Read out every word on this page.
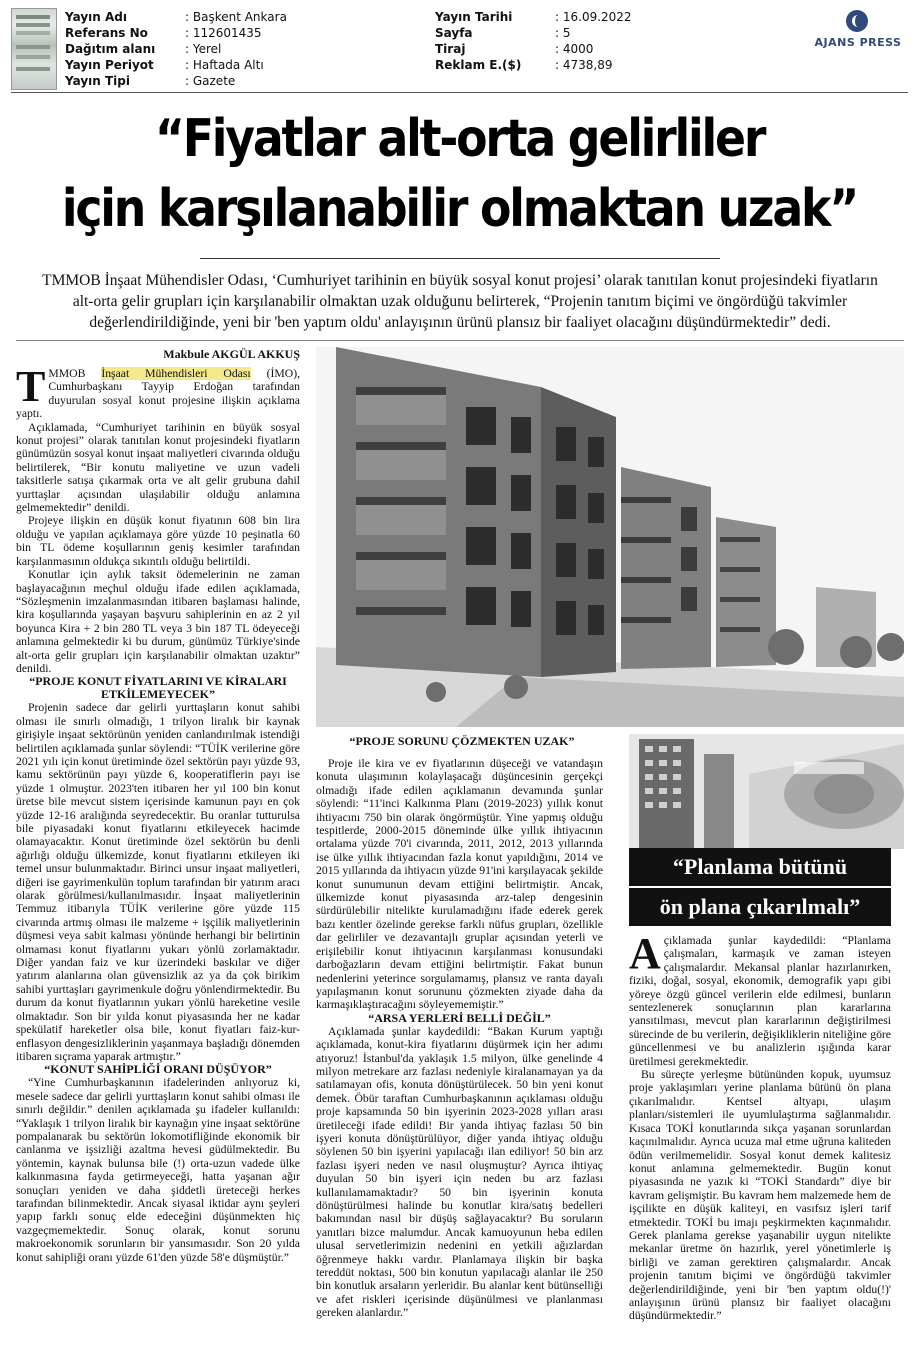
Yayın Adı	: Başkent Ankara
Referans No	: 112601435
Dağıtım alanı : Yerel
Yayın Periyot	: Haftada Altı
Yayın Tipi	: Gazete
Yayın Tarihi	: 16.09.2022
Sayfa	: 5
Tiraj	: 4000
Reklam E.($)	: 4738,89
AJANS PRESS
“Fiyatlar alt-orta gelirliler
için karşılanabilir olmaktan uzak”
TMMOB İnşaat Mühendisler Odası, ‘Cumhuriyet tarihinin en büyük sosyal konut projesi’ olarak tanıtılan konut projesindeki fiyatların alt-orta gelir grupları için karşılanabilir olmaktan uzak olduğunu belirterek, “Projenin tanıtım biçimi ve öngördüğü takvimler değerlendirildiğinde, yeni bir 'ben yaptım oldu' anlayışının ürünü plansız bir faaliyet olacağını düşündürmektedir” dedi.
Makbule AKGÜL AKKUŞ

TMMOB İnşaat Mühendisleri Odası (İMO), Cumhurbaşkanı Tayyip Erdoğan tarafından duyurulan sosyal konut projesine ilişkin açıklama yaptı.

Açıklamada, “Cumhuriyet tarihinin en büyük sosyal konut projesi” olarak tanıtılan konut projesindeki fiyatların günümüzün sosyal konut inşaat maliyetleri civarında olduğu belirtilerek, “Bir konutu maliyetine ve uzun vadeli taksitlerle satışa çıkarmak orta ve alt gelir grubuna dahil yurttaşlar açısından ulaşılabilir olduğu anlamına gelmemektedir” denildi.

Projeye ilişkin en düşük konut fiyatının 608 bin lira olduğu ve yapılan açıklamaya göre yüzde 10 peşinatla 60 bin TL ödeme koşullarının geniş kesimler tarafından karşılanmasının oldukça sıkıntılı olduğu belirtildi.

Konutlar için aylık taksit ödemelerinin ne zaman başlayacağının meçhul olduğu ifade edilen açıklamada, “Sözleşmenin imzalanmasından itibaren başlaması halinde, kira koşullarında yaşayan başvuru sahiplerinin en az 2 yıl boyunca Kira + 2 bin 280 TL veya 3 bin 187 TL ödeyeceği anlamına gelmektedir ki bu durum, günümüz Türkiye'sinde alt-orta gelir grupları için karşılanabilir olmaktan uzaktır” denildi.

“PROJE KONUT FİYATLARINI VE KİRALARI ETKİLEMEYECEK”

Projenin sadece dar gelirli yurttaşların konut sahibi olması ile sınırlı olmadığı, 1 trilyon liralık bir kaynak girişiyle inşaat sektörünün yeniden canlandırılmak istendiği belirtilen açıklamada şunlar söylendi: “TÜİK verilerine göre 2021 yılı için konut üretiminde özel sektörün payı yüzde 93, kamu sektörünün payı yüzde 6, kooperatiflerin payı ise yüzde 1 olmuştur. 2023'ten itibaren her yıl 100 bin konut üretse bile mevcut sistem içerisinde kamunun payı en çok yüzde 12-16 aralığında seyredecektir. Bu oranlar tutturulsa bile piyasadaki konut fiyatlarını etkileyecek hacimde olamayacaktır. Konut üretiminde özel sektörün bu denli ağırlığı olduğu ülkemizde, konut fiyatlarını etkileyen iki temel unsur bulunmaktadır. Birinci unsur inşaat maliyetleri, diğeri ise gayrimenkulün toplum tarafından bir yatırım aracı olarak görülmesi/kullanılmasıdır. İnşaat maliyetlerinin Temmuz itibarıyla TÜİK verilerine göre yüzde 115 civarında artmış olması ile malzeme + işçilik maliyetlerinin düşmesi veya sabit kalması yönünde herhangi bir belirtinin olmaması konut fiyatlarını yukarı yönlü zorlamaktadır. Diğer yandan faiz ve kur üzerindeki baskılar ve diğer yatırım alanlarına olan güvensizlik az ya da çok birikim sahibi yurttaşları gayrimenkule doğru yönlendirmektedir. Bu durum da konut fiyatlarının yukarı yönlü hareketine vesile olmaktadır. Son bir yılda konut piyasasında her ne kadar spekülatif hareketler olsa bile, konut fiyatları faiz-kur-enflasyon dengesizliklerinin yaşanmaya başladığı dönemden itibaren sıçrama yaparak artmıştır.”

“KONUT SAHİPLİĞİ ORANI DÜŞÜYOR”

“Yine Cumhurbaşkanının ifadelerinden anlıyoruz ki, mesele sadece dar gelirli yurttaşların konut sahibi olması ile sınırlı değildir.” denilen açıklamada şu ifadeler kullanıldı: “Yaklaşık 1 trilyon liralık bir kaynağın yine inşaat sektörüne pompalanarak bu sektörün lokomotifliğinde ekonomik bir canlanma ve işsizliği azaltma hevesi güdülmektedir. Bu yöntemin, kaynak bulunsa bile (!) orta-uzun vadede ülke kalkınmasına fayda getirmeyeceği, hatta yaşanan ağır sonuçları yeniden ve daha şiddetli üreteceği herkes tarafından bilinmektedir. Ancak siyasal iktidar aynı şeyleri yapıp farklı sonuç elde edeceğini düşünmekten hiç vazgeçmemektedir. Sonuç olarak, konut sorunu makroekonomik sorunların bir yansımasıdır. Son 20 yılda konut sahipliği oranı yüzde 61'den yüzde 58'e düşmüştür.”

“PROJE SORUNU ÇÖZMEKTEN UZAK”

Proje ile kira ve ev fiyatlarının düşeceği ve vatandaşın konuta ulaşımının kolaylaşacağı düşüncesinin gerçekçi olmadığı ifade edilen açıklamanın devamında şunlar söylendi: “11'inci Kalkınma Planı (2019-2023) yıllık konut ihtiyacını 750 bin olarak öngörmüştür. Yine yapmış olduğu tespitlerde, 2000-2015 döneminde ülke yıllık ihtiyacının ortalama yüzde 70'i civarında, 2011, 2012, 2013 yıllarında ise ülke yıllık ihtiyacından fazla konut yapıldığını, 2014 ve 2015 yıllarında da ihtiyacın yüzde 91'ini karşılayacak şekilde konut sunumunun devam ettiğini belirtmiştir. Ancak, ülkemizde konut piyasasında arz-talep dengesinin sürdürülebilir nitelikte kurulamadığını ifade ederek gerek bazı kentler özelinde gerekse farklı nüfus grupları, özellikle dar gelirliler ve dezavantajlı gruplar açısından yeterli ve erişilebilir konut ihtiyacının karşılanması konusundaki darboğazların devam ettiğini belirtmiştir. Fakat bunun nedenlerini yeterince sorgulamamış, plansız ve ranta dayalı yapılaşmanın konut sorununu çözmekten ziyade daha da karmaşıklaştıracağını söyleyememiştir.”

“ARSA YERLERİ BELLİ DEĞİL”

Açıklamada şunlar kaydedildi: “Bakan Kurum yaptığı açıklamada, konut-kira fiyatlarını düşürmek için her adımı atıyoruz! İstanbul'da yaklaşık 1.5 milyon, ülke genelinde 4 milyon metrekare arz fazlası nedeniyle kiralanamayan ya da satılamayan ofis, konuta dönüştürülecek. 50 bin yeni konut demek. Öbür taraftan Cumhurbaşkanının açıklaması olduğu proje kapsamında 50 bin işyerinin 2023-2028 yılları arası üretileceği ifade edildi! Bir yanda ihtiyaç fazlası 50 bin işyeri konuta dönüştürülüyor, diğer yanda ihtiyaç olduğu söylenen 50 bin işyerini yapılacağı ilan ediliyor! 50 bin arz fazlası işyeri neden ve nasıl oluşmuştur? Ayrıca ihtiyaç duyulan 50 bin işyeri için neden bu arz fazlası kullanılamamaktadır? 50 bin işyerinin konuta dönüştürülmesi halinde bu konutlar kira/satış bedelleri bakımından nasıl bir düşüş sağlayacaktır? Bu soruların yanıtları bizce malumdur. Ancak kamuoyunun heba edilen ulusal servetlerimizin nedenini en yetkili ağızlardan öğrenmeye hakkı vardır. Planlamaya ilişkin bir başka tereddüt noktası, 500 bin konutun yapılacağı alanlar ile 250 bin konutluk arsaların yerleridir. Bu alanlar kent bütünselliği ve afet riskleri içerisinde düşünülmesi ve planlanması gereken alanlardır.”

“Planlama bütünü
ön plana çıkarılmalı”

Açıklamada şunlar kaydedildi: “Planlama çalışmaları, karmaşık ve zaman isteyen çalışmalardır. Mekansal planlar hazırlanırken, fiziki, doğal, sosyal, ekonomik, demografik yapı gibi yöreye özgü güncel verilerin elde edilmesi, bunların sentezlenerek sonuçlarının plan kararlarına yansıtılması, mevcut plan kararlarının değiştirilmesi sürecinde de bu verilerin, değişikliklerin niteliğine göre güncellenmesi ve bu analizlerin ışığında karar üretilmesi gerekmektedir.

Bu süreçte yerleşme bütününden kopuk, uyumsuz proje yaklaşımları yerine planlama bütünü ön plana çıkarılmalıdır. Kentsel altyapı, ulaşım planları/sistemleri ile uyumlulaştırma sağlanmalıdır. Kısaca TOKİ konutlarında sıkça yaşanan sorunlardan kaçınılmalıdır. Ayrıca ucuza mal etme uğruna kaliteden ödün verilmemelidir. Sosyal konut demek kalitesiz konut anlamına gelmemektedir. Bugün konut piyasasında ne yazık ki “TOKİ Standardı” diye bir kavram gelişmiştir. Bu kavram hem malzemede hem de işçilikte en düşük kaliteyi, en vasıfsız işleri tarif etmektedir. TOKİ bu imajı peşkirmekten kaçınmalıdır. Gerek planlama gerekse yaşanabilir uygun nitelikte mekanlar üretme ön hazırlık, yerel yönetimlerle iş birliği ve zaman gerektiren çalışmalardır. Ancak projenin tanıtım biçimi ve öngördüğü takvimler değerlendirildiğinde, yeni bir 'ben yaptım oldu(!)' anlayışının ürünü plansız bir faaliyet olacağını düşündürmektedir.”
